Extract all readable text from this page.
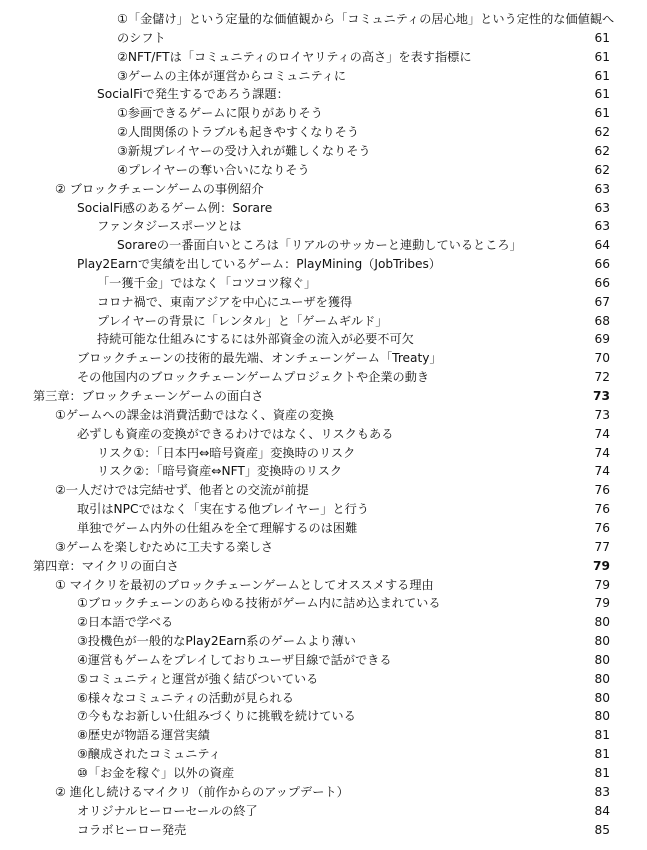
①「金儲け」という定量的な価値観から「コミュニティの居心地」という定性的な価値観へのシフト	61
②NFT/FTは「コミュニティのロイヤリティの高さ」を表す指標に	61
③ゲームの主体が運営からコミュニティに	61
SocialFiで発生するであろう課題：	61
①参画できるゲームに限りがありそう	61
②人間関係のトラブルも起きやすくなりそう	62
③新規プレイヤーの受け入れが難しくなりそう	62
④プレイヤーの奪い合いになりそう	62
② ブロックチェーンゲームの事例紹介	63
SocialFi感のあるゲーム例：Sorare	63
ファンタジースポーツとは	63
Sorareの一番面白いところは「リアルのサッカーと連動しているところ」	64
Play2Earnで実績を出しているゲーム：PlayMining（JobTribes）	66
「一獲千金」ではなく「コツコツ稼ぐ」	66
コロナ禍で、東南アジアを中心にユーザを獲得	67
プレイヤーの背景に「レンタル」と「ゲームギルド」	68
持続可能な仕組みにするには外部資金の流入が必要不可欠	69
ブロックチェーンの技術的最先端、オンチェーンゲーム「Treaty」	70
その他国内のブロックチェーンゲームプロジェクトや企業の動き	72
第三章：ブロックチェーンゲームの面白さ	73
①ゲームへの課金は消費活動ではなく、資産の変換	73
必ずしも資産の変換ができるわけではなく、リスクもある	74
リスク①：「日本円⇔暗号資産」変換時のリスク	74
リスク②：「暗号資産⇔NFT」変換時のリスク	74
②一人だけでは完結せず、他者との交流が前提	76
取引はNPCではなく「実在する他プレイヤー」と行う	76
単独でゲーム内外の仕組みを全て理解するのは困難	76
③ゲームを楽しむために工夫する楽しさ	77
第四章：マイクリの面白さ	79
① マイクリを最初のブロックチェーンゲームとしてオススメする理由	79
①ブロックチェーンのあらゆる技術がゲーム内に詰め込まれている	79
②日本語で学べる	80
③投機色が一般的なPlay2Earn系のゲームより薄い	80
④運営もゲームをプレイしておりユーザ目線で話ができる	80
⑤コミュニティと運営が強く結びついている	80
⑥様々なコミュニティの活動が見られる	80
⑦今もなお新しい仕組みづくりに挑戦を続けている	80
⑧歴史が物語る運営実績	81
⑨醸成されたコミュニティ	81
⑩「お金を稼ぐ」以外の資産	81
② 進化し続けるマイクリ（前作からのアップデート）	83
オリジナルヒーローセールの終了	84
コラボヒーロー発売	85
